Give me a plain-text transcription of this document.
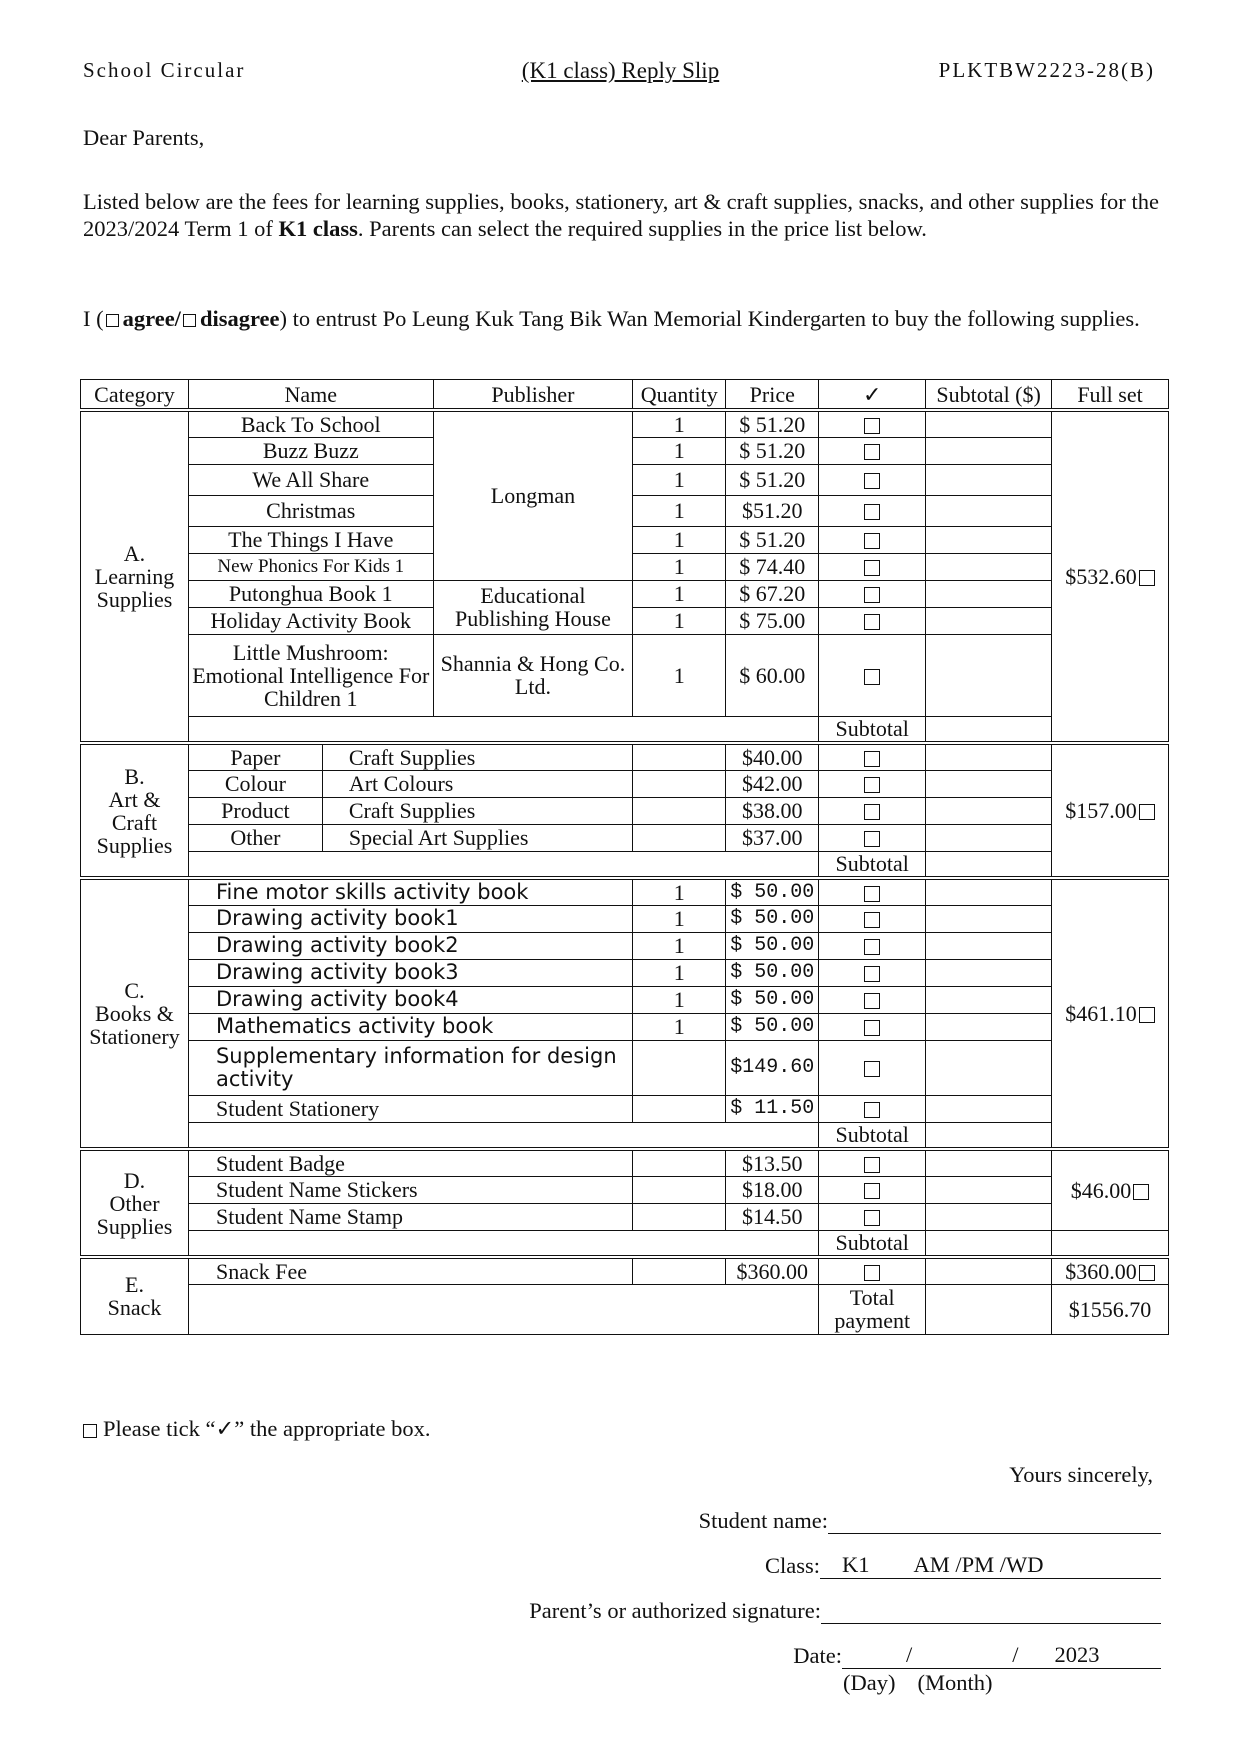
School Circular	(K1 class) Reply Slip	PLKTBW2223-28(B)
Dear Parents,
Listed below are the fees for learning supplies, books, stationery, art & craft supplies, snacks, and other supplies for the 2023/2024 Term 1 of K1 class. Parents can select the required supplies in the price list below.
I ( agree/ disagree) to entrust Po Leung Kuk Tang Bik Wan Memorial Kindergarten to buy the following supplies.
Category	Name		Publisher	Quantity	Price	✓	Subtotal ($)	Full set
A.
Learning
Supplies	Back To School		Longman	1	$ 51.20			$532.60
	Buzz Buzz			1	$ 51.20			
	We All Share			1	$ 51.20			
	Christmas			1	$51.20			
	The Things I Have			1	$ 51.20			
	New Phonics For Kids 1			1	$ 74.40			
	Putonghua Book 1		Educational Publishing House	1	$ 67.20			
	Holiday Activity Book			1	$ 75.00			
	Little Mushroom: Emotional Intelligence For Children 1		Shannia & Hong Co. Ltd.	1	$ 60.00			
						Subtotal		
B.
Art &
Craft
Supplies	Paper	Craft Supplies			$40.00			$157.00
	Colour	Art Colours			$42.00			
	Product	Craft Supplies			$38.00			
	Other	Special Art Supplies			$37.00			
						Subtotal		
C.
Books &
Stationery	Fine motor skills activity book			1	$ 50.00			$461.10
	Drawing activity book1			1	$ 50.00			
	Drawing activity book2			1	$ 50.00			
	Drawing activity book3			1	$ 50.00			
	Drawing activity book4			1	$ 50.00			
	Mathematics activity book			1	$ 50.00			
	Supplementary information for design activity				$149.60			
	Student Stationery				$ 11.50			
						Subtotal		
D.
Other
Supplies	Student Badge				$13.50			$46.00
	Student Name Stickers				$18.00			
	Student Name Stamp				$14.50			
						Subtotal		
E.
Snack	Snack Fee				$360.00			$360.00
						Total payment		$1556.70
Please tick “✓” the appropriate box.
Yours sincerely,
Student name:
Class: K1 AM /PM /WD
Parent’s or authorized signature:
Date:	/	/ 2023
(Day) (Month)
